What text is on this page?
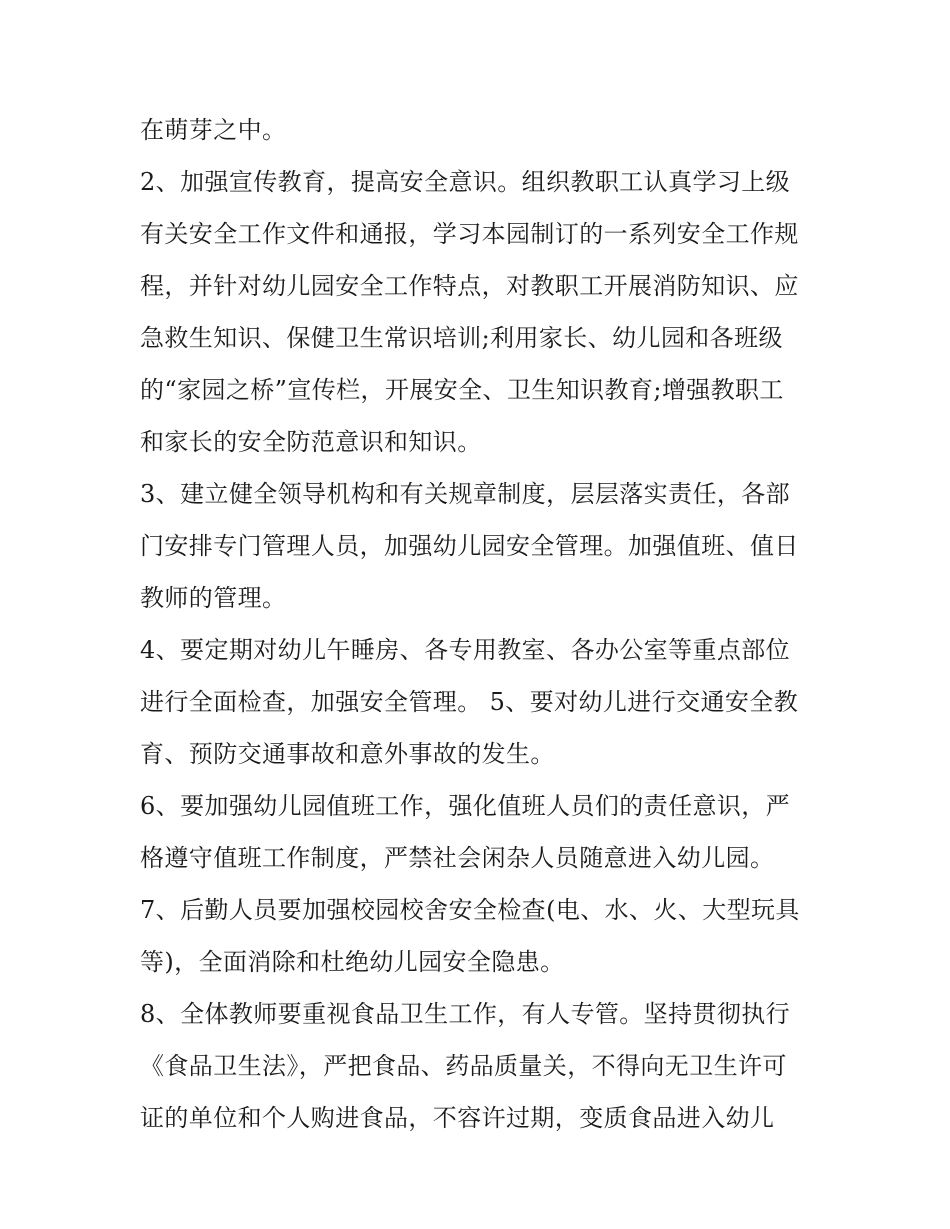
在萌芽之中。
2、加强宣传教育，提高安全意识。组织教职工认真学习上级
有关安全工作文件和通报，学习本园制订的一系列安全工作规
程，并针对幼儿园安全工作特点，对教职工开展消防知识、应
急救生知识、保健卫生常识培训;利用家长、幼儿园和各班级
的“家园之桥”宣传栏，开展安全、卫生知识教育;增强教职工
和家长的安全防范意识和知识。
3、建立健全领导机构和有关规章制度，层层落实责任，各部
门安排专门管理人员，加强幼儿园安全管理。加强值班、值日
教师的管理。
4、要定期对幼儿午睡房、各专用教室、各办公室等重点部位
进行全面检查，加强安全管理。 5、要对幼儿进行交通安全教
育、预防交通事故和意外事故的发生。
6、要加强幼儿园值班工作，强化值班人员们的责任意识，严
格遵守值班工作制度，严禁社会闲杂人员随意进入幼儿园。
7、后勤人员要加强校园校舍安全检查(电、水、火、大型玩具
等)，全面消除和杜绝幼儿园安全隐患。
8、全体教师要重视食品卫生工作，有人专管。坚持贯彻执行
《食品卫生法》，严把食品、药品质量关，不得向无卫生许可
证的单位和个人购进食品，不容许过期，变质食品进入幼儿
